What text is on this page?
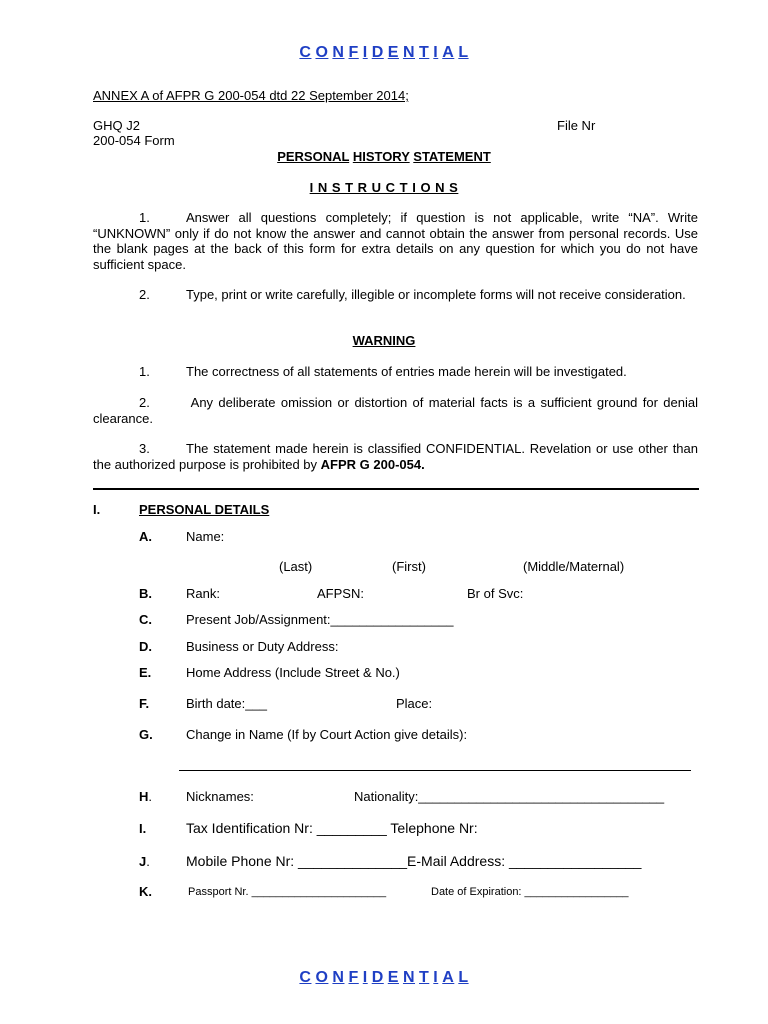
C O N F I D E N T I A L
ANNEX A of AFPR G 200-054 dtd 22 September 2014;
GHQ J2
200-054 Form
File Nr
PERSONAL HISTORY STATEMENT
I N S T R U C T I O N S
1.	Answer all questions completely; if question is not applicable, write “NA”. Write “UNKNOWN” only if do not know the answer and cannot obtain the answer from personal records. Use the blank pages at the back of this form for extra details on any question for which you do not have sufficient space.
2.	Type, print or write carefully, illegible or incomplete forms will not receive consideration.
WARNING
1.	The correctness of all statements of entries made herein will be investigated.
2.	Any deliberate omission or distortion of material facts is a sufficient ground for denial clearance.
3.	The statement made herein is classified CONFIDENTIAL. Revelation or use other than the authorized purpose is prohibited by AFPR G 200-054.
I.	PERSONAL DETAILS
A.	Name:
(Last)	(First)	(Middle/Maternal)
B.	Rank:	AFPSN:	Br of Svc:
C.	Present Job/Assignment:_________________
D.	Business or Duty Address:
E.	Home Address (Include Street & No.)
F.	Birth date:___	Place:
G.	Change in Name (If by Court Action give details):
H.	Nicknames:	Nationality:__________________________________
I.	Tax Identification Nr: _________ Telephone Nr:
J.	Mobile Phone Nr: ______________E-Mail Address: _________________
K.	Passport Nr. ______________________	Date of Expiration: _________________
C O N F I D E N T I A L
